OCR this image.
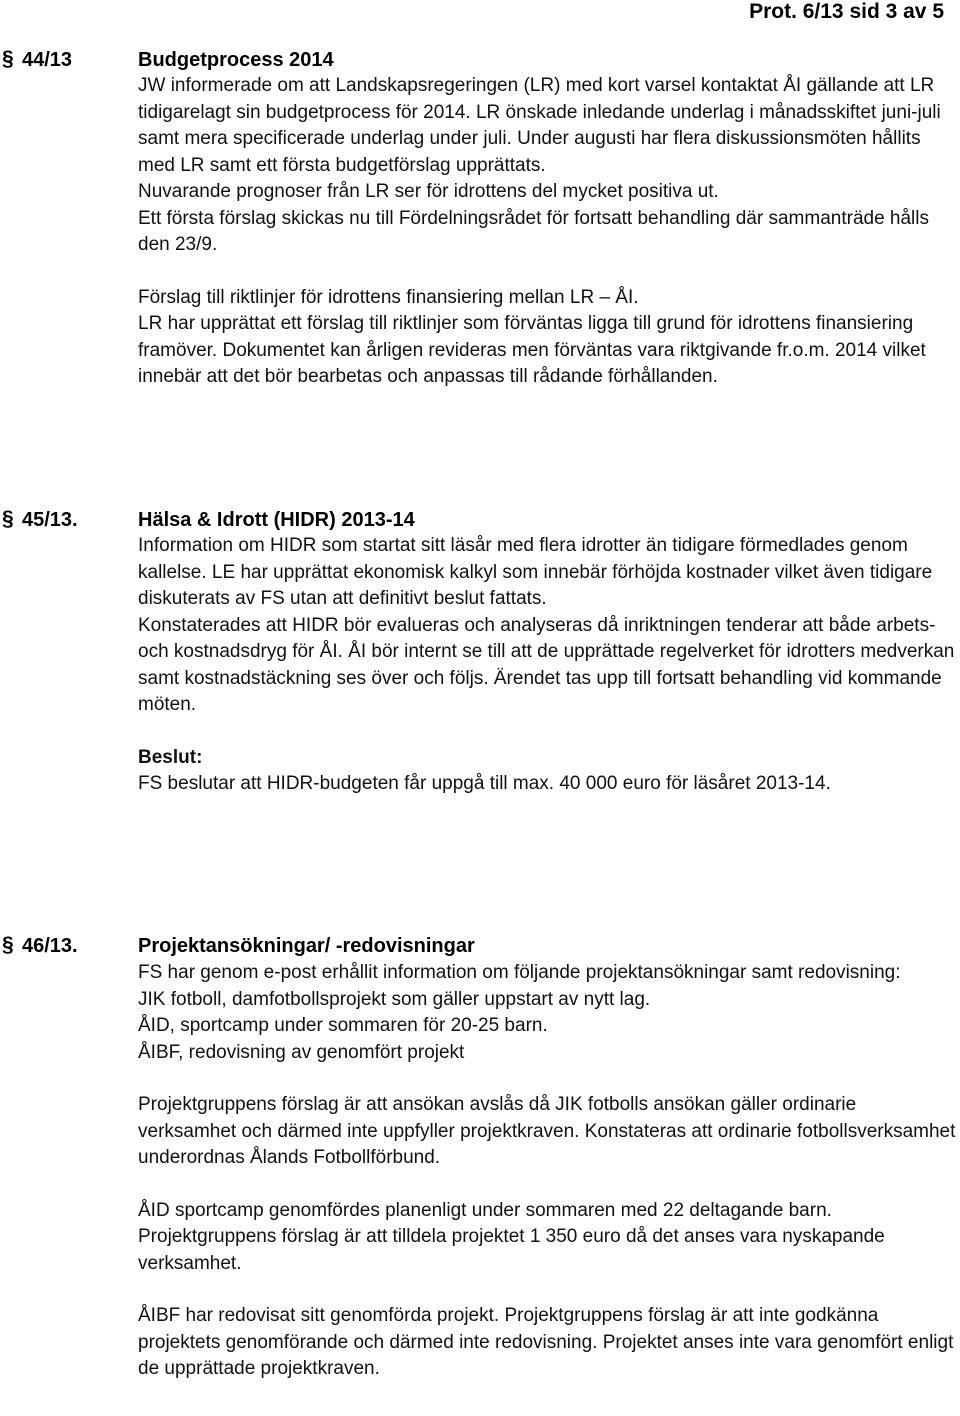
Prot. 6/13 sid 3 av 5
§ 44/13	Budgetprocess 2014

JW informerade om att Landskapsregeringen (LR) med kort varsel kontaktat ÅI gällande att LR tidigarelagt sin budgetprocess för 2014. LR önskade inledande underlag i månadsskiftet juni-juli samt mera specificerade underlag under juli. Under augusti har flera diskussionsmöten hållits med LR samt ett första budgetförslag upprättats.

Nuvarande prognoser från LR ser för idrottens del mycket positiva ut.

Ett första förslag skickas nu till Fördelningsrådet för fortsatt behandling där sammanträde hålls den 23/9.

Förslag till riktlinjer för idrottens finansiering mellan LR – ÅI.

LR har upprättat ett förslag till riktlinjer som förväntas ligga till grund för idrottens finansiering framöver. Dokumentet kan årligen revideras men förväntas vara riktgivande fr.o.m. 2014 vilket innebär att det bör bearbetas och anpassas till rådande förhållanden.

§ 45/13.	Hälsa & Idrott (HIDR) 2013-14

Information om HIDR som startat sitt läsår med flera idrotter än tidigare förmedlades genom kallelse. LE har upprättat ekonomisk kalkyl som innebär förhöjda kostnader vilket även tidigare diskuterats av FS utan att definitivt beslut fattats.

Konstaterades att HIDR bör evalueras och analyseras då inriktningen tenderar att både arbets- och kostnadsdryg för ÅI. ÅI bör internt se till att de upprättade regelverket för idrotters medverkan samt kostnadstäckning ses över och följs. Ärendet tas upp till fortsatt behandling vid kommande möten.

Beslut:

FS beslutar att HIDR-budgeten får uppgå till max. 40 000 euro för läsåret 2013-14.

§ 46/13.	Projektansökningar/ -redovisningar

FS har genom e-post erhållit information om följande projektansökningar samt redovisning:

JIK fotboll, damfotbollsprojekt som gäller uppstart av nytt lag.

ÅID, sportcamp under sommaren för 20-25 barn.

ÅIBF, redovisning av genomfört projekt

Projektgruppens förslag är att ansökan avslås då JIK fotbolls ansökan gäller ordinarie verksamhet och därmed inte uppfyller projektkraven. Konstateras att ordinarie fotbollsverksamhet underordnas Ålands Fotbollförbund.

ÅID sportcamp genomfördes planenligt under sommaren med 22 deltagande barn. Projektgruppens förslag är att tilldela projektet 1 350 euro då det anses vara nyskapande verksamhet.

ÅIBF har redovisat sitt genomförda projekt. Projektgruppens förslag är att inte godkänna projektets genomförande och därmed inte redovisning. Projektet anses inte vara genomfört enligt de upprättade projektkraven.
